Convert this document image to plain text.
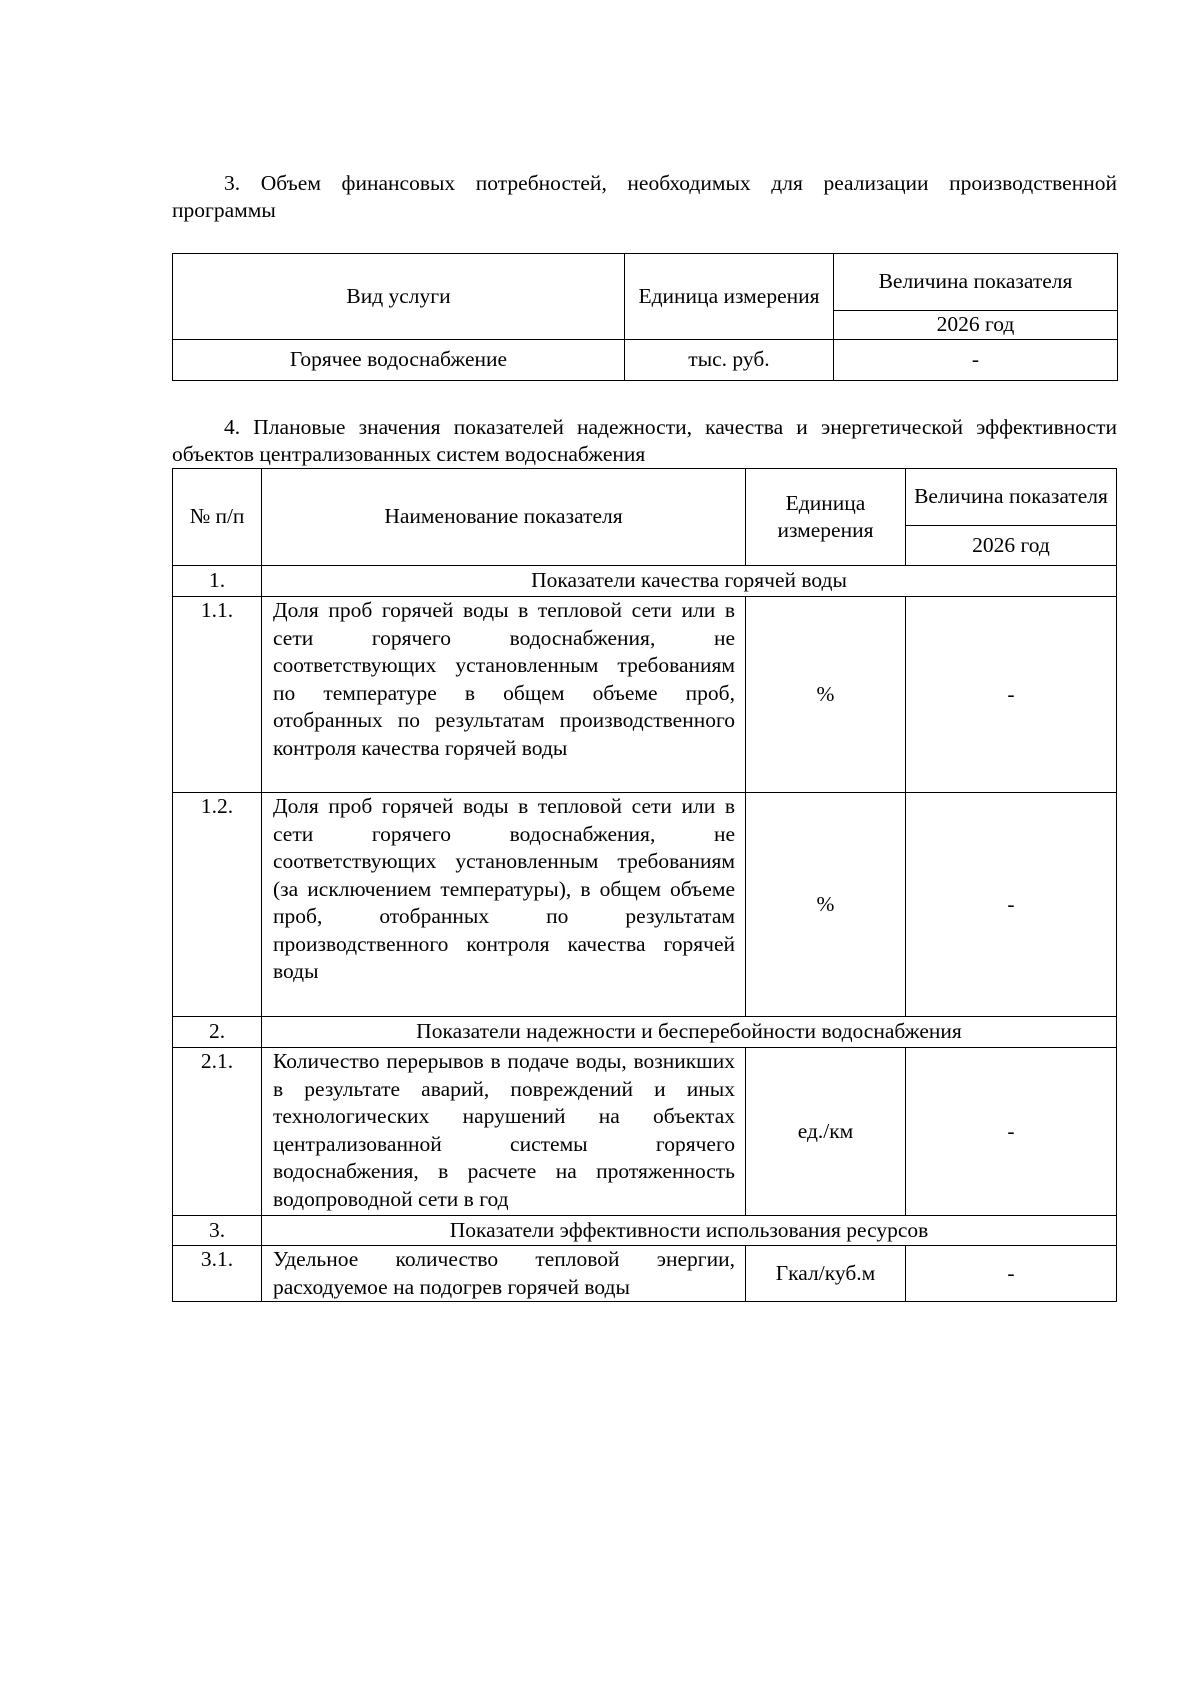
3. Объем финансовых потребностей, необходимых для реализации производственной программы

Вид услуги	Единица измерения	Величина показателя
		2026 год
Горячее водоснабжение	тыс. руб.	-

4. Плановые значения показателей надежности, качества и энергетической эффективности объектов централизованных систем водоснабжения

№ п/п	Наименование показателя	Единица измерения	Величина показателя
			2026 год
1.	Показатели качества горячей воды		
1.1.	Доля проб горячей воды в тепловой сети или в сети горячего водоснабжения, не соответствующих установленным требованиям по температуре в общем объеме проб, отобранных по результатам производственного контроля качества горячей воды	%	-
1.2.	Доля проб горячей воды в тепловой сети или в сети горячего водоснабжения, не соответствующих установленным требованиям (за исключением температуры), в общем объеме проб, отобранных по результатам производственного контроля качества горячей воды	%	-
2.	Показатели надежности и бесперебойности водоснабжения		
2.1.	Количество перерывов в подаче воды, возникших в результате аварий, повреждений и иных технологических нарушений на объектах централизованной системы горячего водоснабжения, в расчете на протяженность водопроводной сети в год	ед./км	-
3.	Показатели эффективности использования ресурсов		
3.1.	Удельное количество тепловой энергии, расходуемое на подогрев горячей воды	Гкал/куб.м	-
